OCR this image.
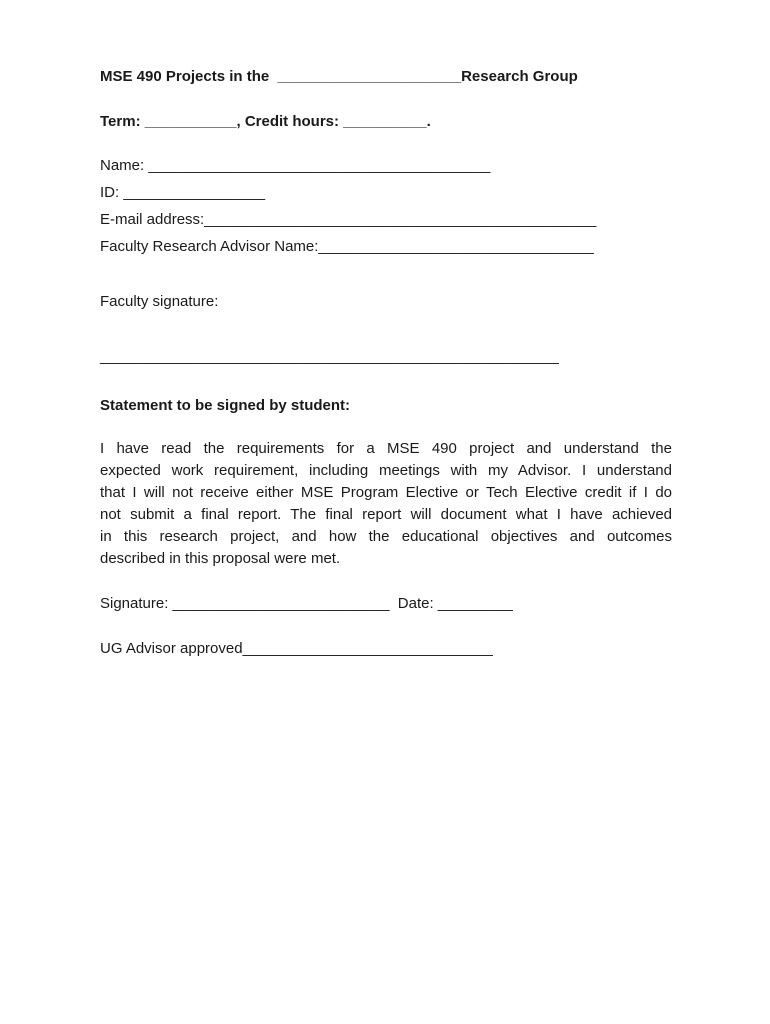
MSE 490 Projects in the  ______________________Research Group
Term: ___________, Credit hours: __________.
Name: _________________________________________
ID: _________________
E-mail address:_______________________________________________
Faculty Research Advisor Name:_________________________________
Faculty signature:
_______________________________________________________
Statement to be signed by student:
I have read the requirements for a MSE 490 project and understand the
expected work requirement, including meetings with my Advisor. I understand
that I will not receive either MSE Program Elective or Tech Elective credit if I do
not submit a final report. The final report will document what I have achieved
in this research project, and how the educational objectives and outcomes
described in this proposal were met.
Signature: __________________________  Date: _________
UG Advisor approved______________________________
